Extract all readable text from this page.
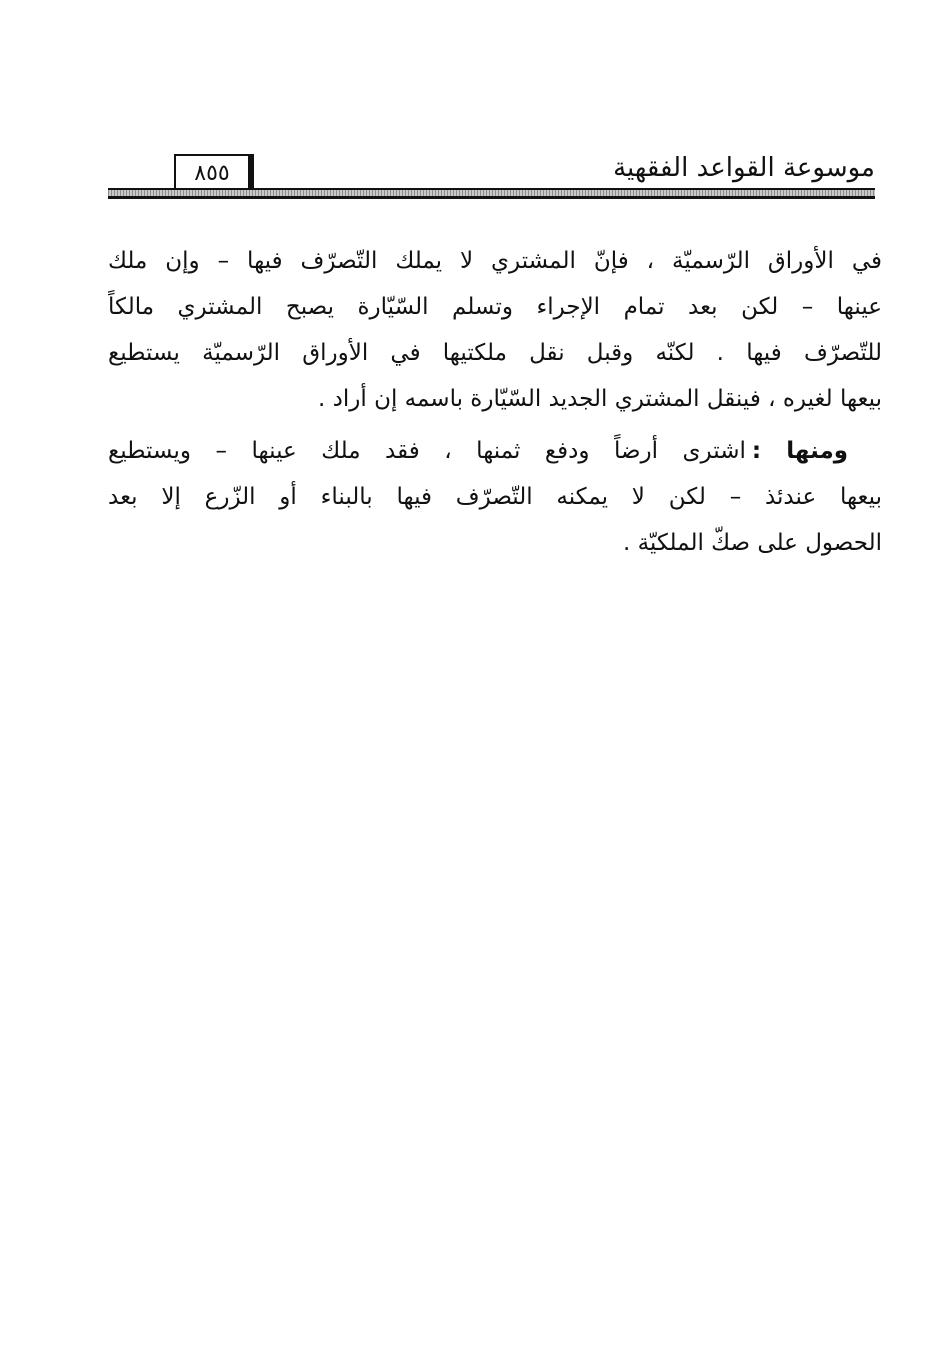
موسوعة القواعد الفقهية
٨٥٥
في الأوراق الرّسميّة ، فإنّ المشتري لا يملك التّصرّف فيها – وإن ملك
عينها – لكن بعد تمام الإجراء وتسلم السّيّارة يصبح المشتري مالكاً
للتّصرّف فيها . لكنّه وقبل نقل ملكتيها في الأوراق الرّسميّة يستطيع
بيعها لغيره ، فينقل المشتري الجديد السّيّارة باسمه إن أراد .
ومنها :اشترى أرضاً ودفع ثمنها ، فقد ملك عينها – ويستطيع
بيعها عندئذ – لكن لا يمكنه التّصرّف فيها بالبناء أو الزّرع إلا بعد
الحصول على صكّ الملكيّة .
